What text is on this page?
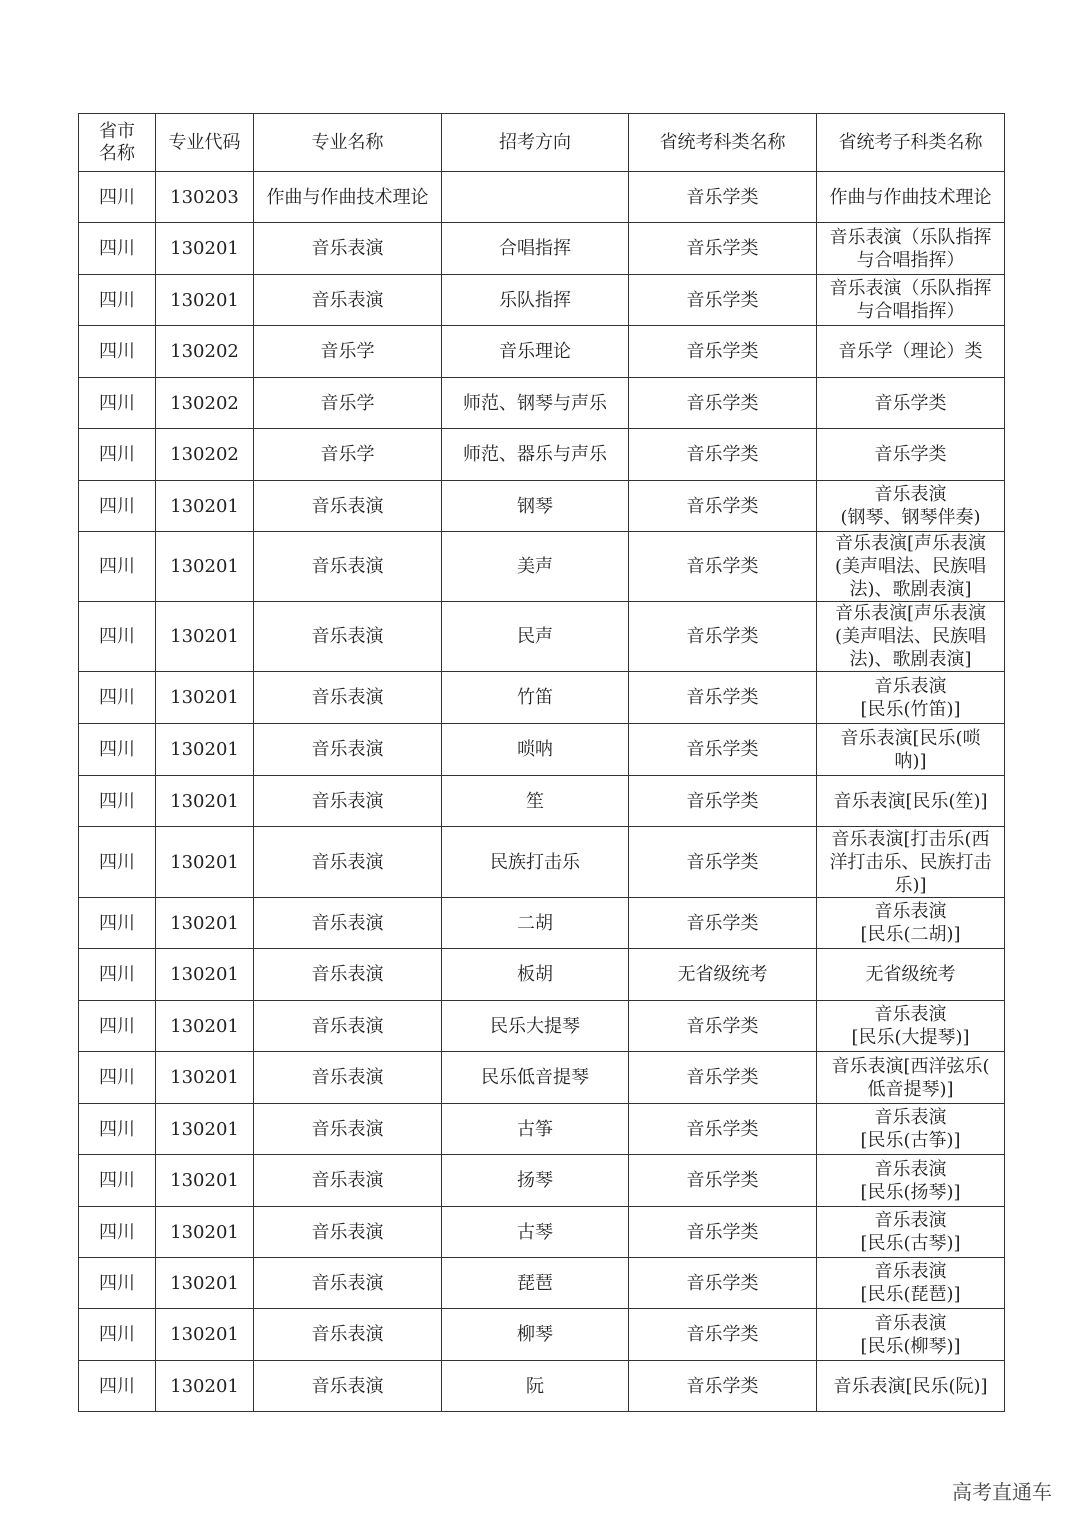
省市
名称	专业代码	专业名称	招考方向	省统考科类名称	省统考子科类名称
四川	130203	作曲与作曲技术理论		音乐学类	作曲与作曲技术理论
四川	130201	音乐表演	合唱指挥	音乐学类	音乐表演（乐队指挥
与合唱指挥）
四川	130201	音乐表演	乐队指挥	音乐学类	音乐表演（乐队指挥
与合唱指挥）
四川	130202	音乐学	音乐理论	音乐学类	音乐学（理论）类
四川	130202	音乐学	师范、钢琴与声乐	音乐学类	音乐学类
四川	130202	音乐学	师范、器乐与声乐	音乐学类	音乐学类
四川	130201	音乐表演	钢琴	音乐学类	音乐表演
(钢琴、钢琴伴奏)
四川	130201	音乐表演	美声	音乐学类	音乐表演[声乐表演
(美声唱法、民族唱
法)、歌剧表演]
四川	130201	音乐表演	民声	音乐学类	音乐表演[声乐表演
(美声唱法、民族唱
法)、歌剧表演]
四川	130201	音乐表演	竹笛	音乐学类	音乐表演
[民乐(竹笛)]
四川	130201	音乐表演	唢呐	音乐学类	音乐表演[民乐(唢
呐)]
四川	130201	音乐表演	笙	音乐学类	音乐表演[民乐(笙)]
四川	130201	音乐表演	民族打击乐	音乐学类	音乐表演[打击乐(西
洋打击乐、民族打击
乐)]
四川	130201	音乐表演	二胡	音乐学类	音乐表演
[民乐(二胡)]
四川	130201	音乐表演	板胡	无省级统考	无省级统考
四川	130201	音乐表演	民乐大提琴	音乐学类	音乐表演
[民乐(大提琴)]
四川	130201	音乐表演	民乐低音提琴	音乐学类	音乐表演[西洋弦乐(
低音提琴)]
四川	130201	音乐表演	古筝	音乐学类	音乐表演
[民乐(古筝)]
四川	130201	音乐表演	扬琴	音乐学类	音乐表演
[民乐(扬琴)]
四川	130201	音乐表演	古琴	音乐学类	音乐表演
[民乐(古琴)]
四川	130201	音乐表演	琵琶	音乐学类	音乐表演
[民乐(琵琶)]
四川	130201	音乐表演	柳琴	音乐学类	音乐表演
[民乐(柳琴)]
四川	130201	音乐表演	阮	音乐学类	音乐表演[民乐(阮)]
高考直通车
